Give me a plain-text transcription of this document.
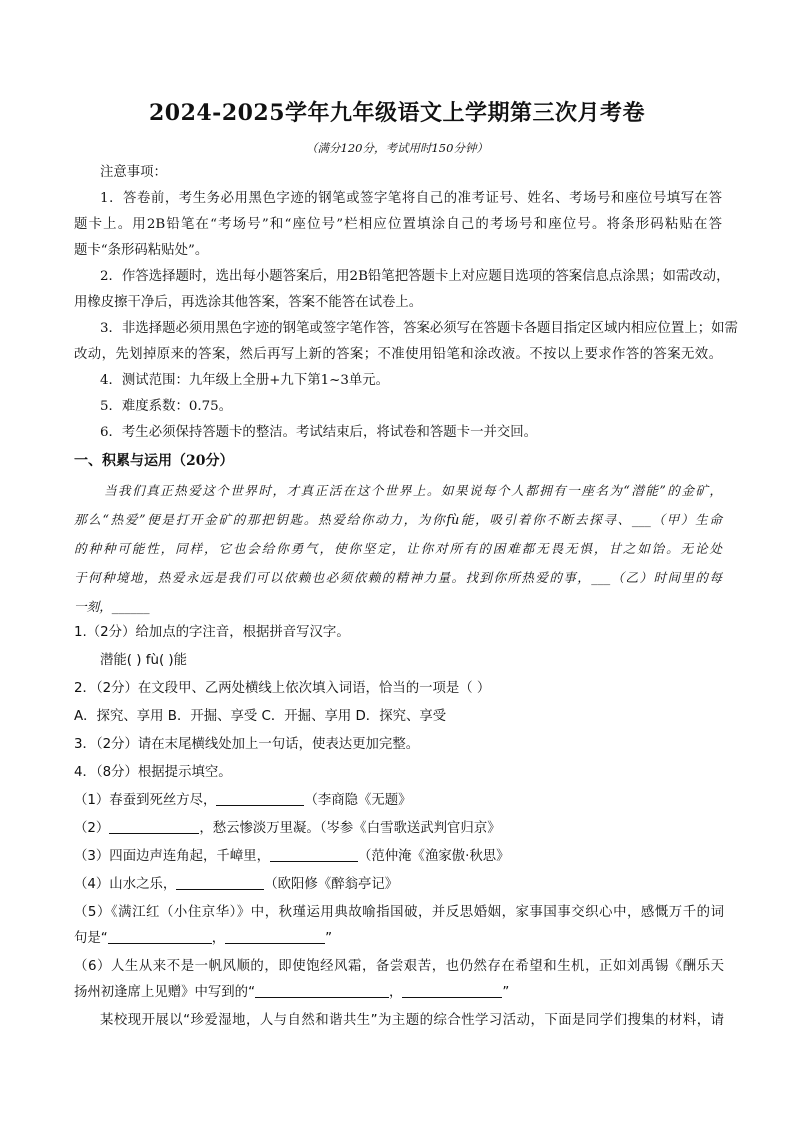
2024-2025学年九年级语文上学期第三次月考卷
（满分120分，考试用时150分钟）
注意事项：
1．答卷前，考生务必用黑色字迹的钢笔或签字笔将自己的准考证号、姓名、考场号和座位号填写在答
题卡上。用2B铅笔在“考场号”和“座位号”栏相应位置填涂自己的考场号和座位号。将条形码粘贴在答
题卡“条形码粘贴处”。
2．作答选择题时，选出每小题答案后，用2B铅笔把答题卡上对应题目选项的答案信息点涂黑；如需改动，
用橡皮擦干净后，再选涂其他答案，答案不能答在试卷上。
3．非选择题必须用黑色字迹的钢笔或签字笔作答，答案必须写在答题卡各题目指定区域内相应位置上；如需
改动，先划掉原来的答案，然后再写上新的答案；不准使用铅笔和涂改液。不按以上要求作答的答案无效。
4．测试范围：九年级上全册+九下第1~3单元。
5．难度系数：0.75。
6．考生必须保持答题卡的整洁。考试结束后，将试卷和答题卡一并交回。
一、积累与运用（20分）
当我们真正热爱这个世界时，才真正活在这个世界上。如果说每个人都拥有一座名为“潜能”的金矿，
那么“热爱”便是打开金矿的那把钥匙。热爱给你动力，为你fù能，吸引着你不断去探寻、___（甲）生命
的种种可能性，同样，它也会给你勇气，使你坚定，让你对所有的困难都无畏无惧，甘之如饴。无论处
于何种境地，热爱永远是我们可以依赖也必须依赖的精神力量。找到你所热爱的事，___（乙）时间里的每
一刻，______
1.（2分）给加点的字注音，根据拼音写汉字。
潜能( ) fù( )能
2．（2分）在文段甲、乙两处横线上依次填入词语，恰当的一项是（ ）
A．探究、享用 B．开掘、享受 C．开掘、享用 D．探究、享受
3．（2分）请在末尾横线处加上一句话，使表达更加完整。
4．（8分）根据提示填空。
（1）春蚕到死丝方尽，	（李商隐《无题》
（2）	，愁云惨淡万里凝。（岑参《白雪歌送武判官归京》
（3）四面边声连角起，千嶂里，	（范仲淹《渔家傲·秋思》
（4）山水之乐，	（欧阳修《醉翁亭记》
（5）《满江红（小住京华）》中，秋瑾运用典故喻指国破，并反思婚姻，家事国事交织心中，感慨万千的词
句是“	，	”
（6）人生从来不是一帆风顺的，即使饱经风霜，备尝艰苦，也仍然存在希望和生机，正如刘禹锡《酬乐天
扬州初逢席上见赠》中写到的“	，	”
某校现开展以“珍爱湿地，人与自然和谐共生”为主题的综合性学习活动，下面是同学们搜集的材料，请
